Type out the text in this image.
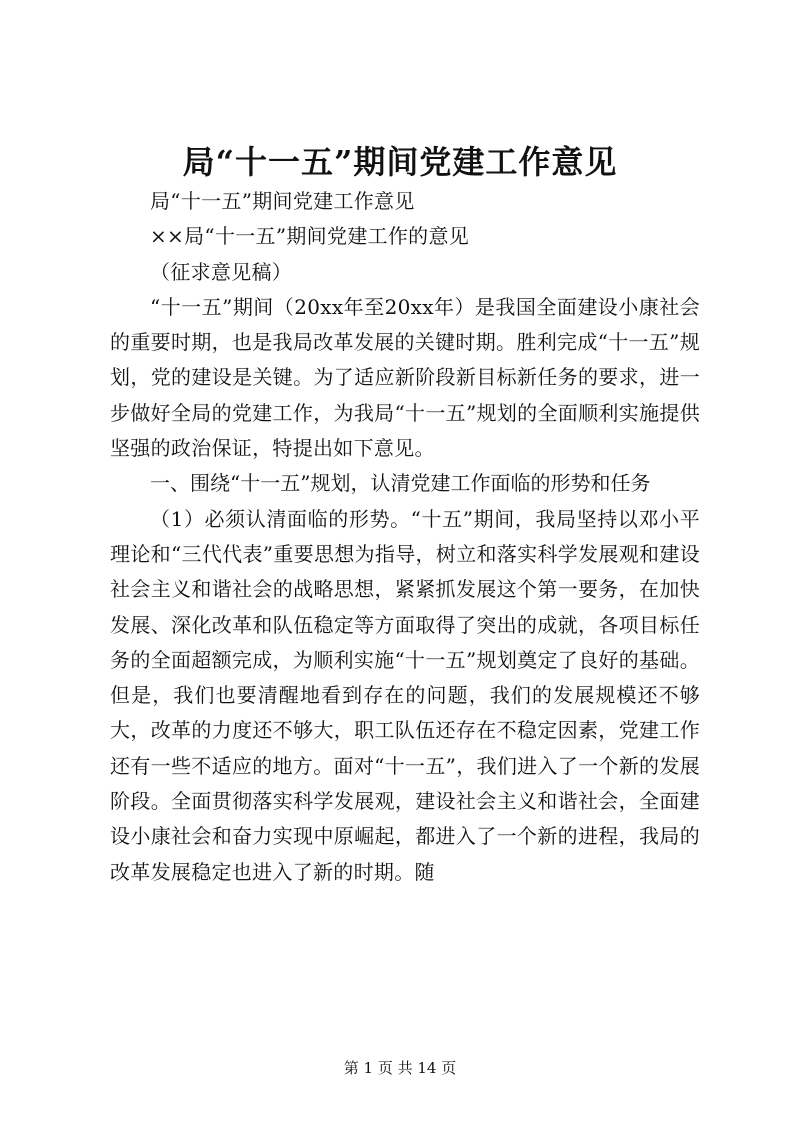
局“十一五”期间党建工作意见

局“十一五”期间党建工作意见

××局“十一五”期间党建工作的意见

（征求意见稿）

“十一五”期间（20xx年至20xx年）是我国全面建设小康社会的重要时期，也是我局改革发展的关键时期。胜利完成“十一五”规划，党的建设是关键。为了适应新阶段新目标新任务的要求，进一步做好全局的党建工作，为我局“十一五”规划的全面顺利实施提供坚强的政治保证，特提出如下意见。

一、围绕“十一五”规划，认清党建工作面临的形势和任务

（1）必须认清面临的形势。“十五”期间，我局坚持以邓小平理论和“三代代表”重要思想为指导，树立和落实科学发展观和建设社会主义和谐社会的战略思想，紧紧抓发展这个第一要务，在加快发展、深化改革和队伍稳定等方面取得了突出的成就，各项目标任务的全面超额完成，为顺利实施“十一五”规划奠定了良好的基础。但是，我们也要清醒地看到存在的问题，我们的发展规模还不够大，改革的力度还不够大，职工队伍还存在不稳定因素，党建工作还有一些不适应的地方。面对“十一五”，我们进入了一个新的发展阶段。全面贯彻落实科学发展观，建设社会主义和谐社会，全面建设小康社会和奋力实现中原崛起，都进入了一个新的进程，我局的改革发展稳定也进入了新的时期。随

第 1 页 共 14 页
